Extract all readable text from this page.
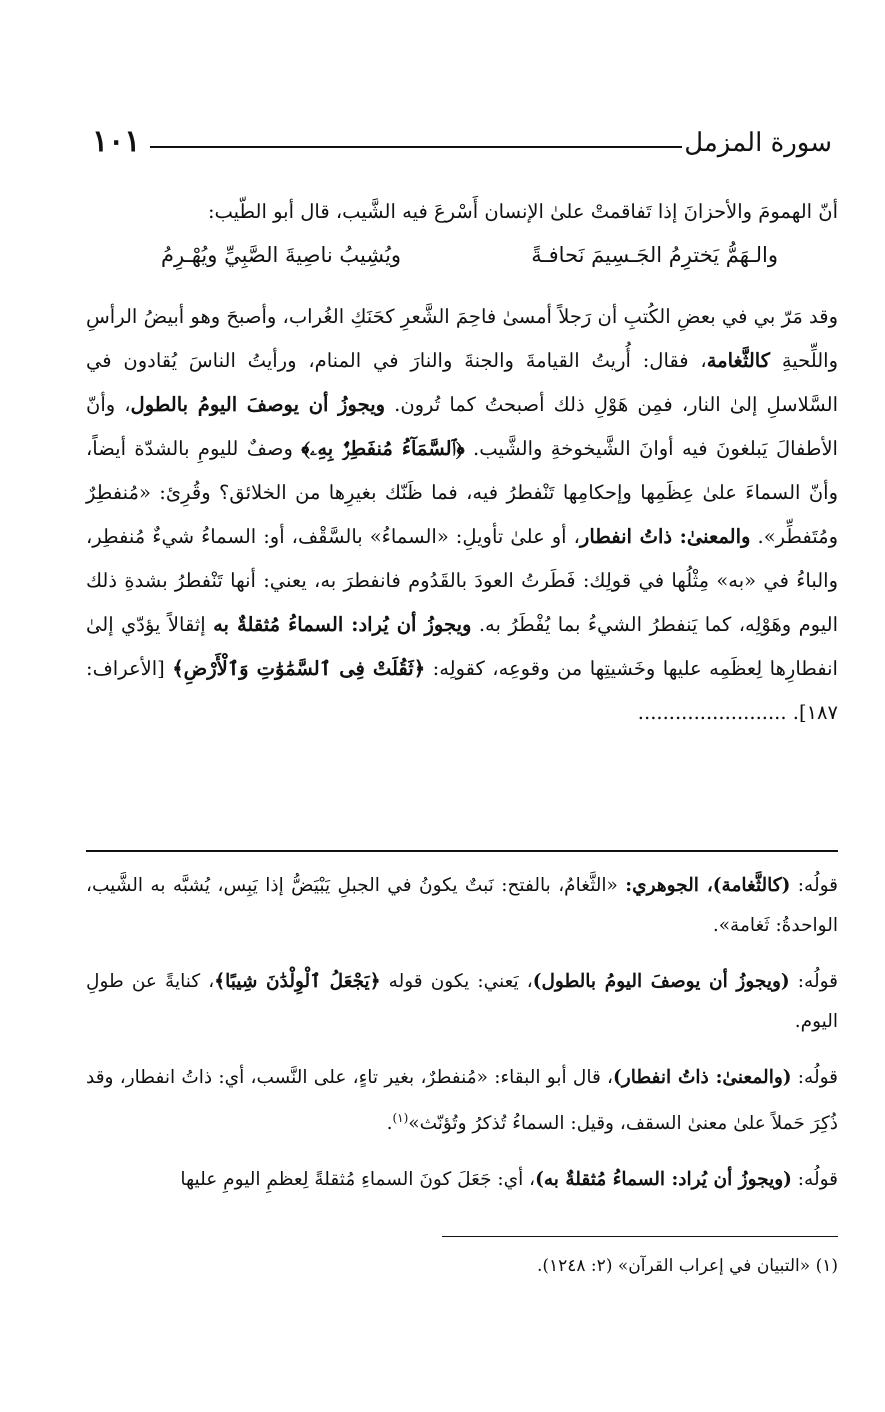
١٠١	سورة المزمل
أنّ الهمومَ والأحزانَ إذا تَفاقمتْ علىٰ الإنسان أَسْرعَ فيه الشَّيب، قال أبو الطّيب:
والـهَمُّ يَخترِمُ الجَـسِيمَ نَحافـةً
ويُشِيبُ ناصِيةَ الصَّبِيِّ ويُهْـرِمُ
وقد مَرّ بي في بعضِ الكُتبِ أن رَجلاً أمسىٰ فاحِمَ الشَّعرِ كحَنَكِ الغُراب، وأصبحَ وهو أبيضُ الرأسِ واللِّحيةِ كالثَّغامة، فقال: أُريتُ القيامةَ والجنةَ والنارَ في المنام، ورأيتُ الناسَ يُقادون في السَّلاسلِ إلىٰ النار، فمِن هَوْلِ ذلك أصبحتُ كما تُرون. ويجوزُ أن يوصفَ اليومُ بالطول، وأنّ الأطفالَ يَبلغونَ فيه أوانَ الشَّيخوخةِ والشَّيب. ﴿ٱلسَّمَآءُ مُنفَطِرٌۢ بِهِۦ﴾ وصفٌ لليومِ بالشدّة أيضاً، وأنّ السماءَ علىٰ عِظَمِها وإحكامِها تَنْفطرُ فيه، فما ظَنّك بغيرِها من الخلائق؟ وقُرِئ: «مُنفطِرٌ ومُتَفطِّر». والمعنىٰ: ذاتُ انفطار، أو علىٰ تأويلِ: «السماءُ» بالسَّقْف، أو: السماءُ شيءٌ مُنفطِر، والباءُ في «به» مِثْلُها في قولِك: فَطَرتُ العودَ بالقَدُوم فانفطرَ به، يعني: أنها تَنْفطرُ بشدةِ ذلك اليوم وهَوْلِه، كما يَنفطرُ الشيءُ بما يُفْطَرُ به. ويجوزُ أن يُراد: السماءُ مُثقلةٌ به إثقالاً يؤدّي إلىٰ انفطارِها لِعظَمِه عليها وخَشيتِها من وقوعِه، كقولِه: ﴿ثَقُلَتْ فِى ٱلسَّمَٰوَٰتِ وَٱلْأَرْضِ﴾ [الأعراف: ١٨٧]. ........................
قولُه: (كالثَّغامة)، الجوهري: «الثَّغامُ، بالفتح: نَبتٌ يكونُ في الجبلِ يَبْيَضُّ إذا يَبِس، يُشبَّه به الشَّيب، الواحدةُ: ثَغامة».
قولُه: (ويجوزُ أن يوصفَ اليومُ بالطول)، يَعني: يكون قوله ﴿يَجْعَلُ ٱلْوِلْدَٰنَ شِيبًا﴾، كنايةً عن طولِ اليوم.
قولُه: (والمعنىٰ: ذاتُ انفطار)، قال أبو البقاء: «مُنفطرٌ، بغير تاءٍ، على النَّسب، أي: ذاتُ انفطار، وقد ذُكِرَ حَملاً علىٰ معنىٰ السقف، وقيل: السماءُ تُذكرُ وتُؤنّث»$^{(١)}$.
قولُه: (ويجوزُ أن يُراد: السماءُ مُثقلةٌ به)، أي: جَعَلَ كونَ السماءِ مُثقلةً لِعظمِ اليومِ عليها
(١) «التبيان في إعراب القرآن» (٢: ١٢٤٨).
